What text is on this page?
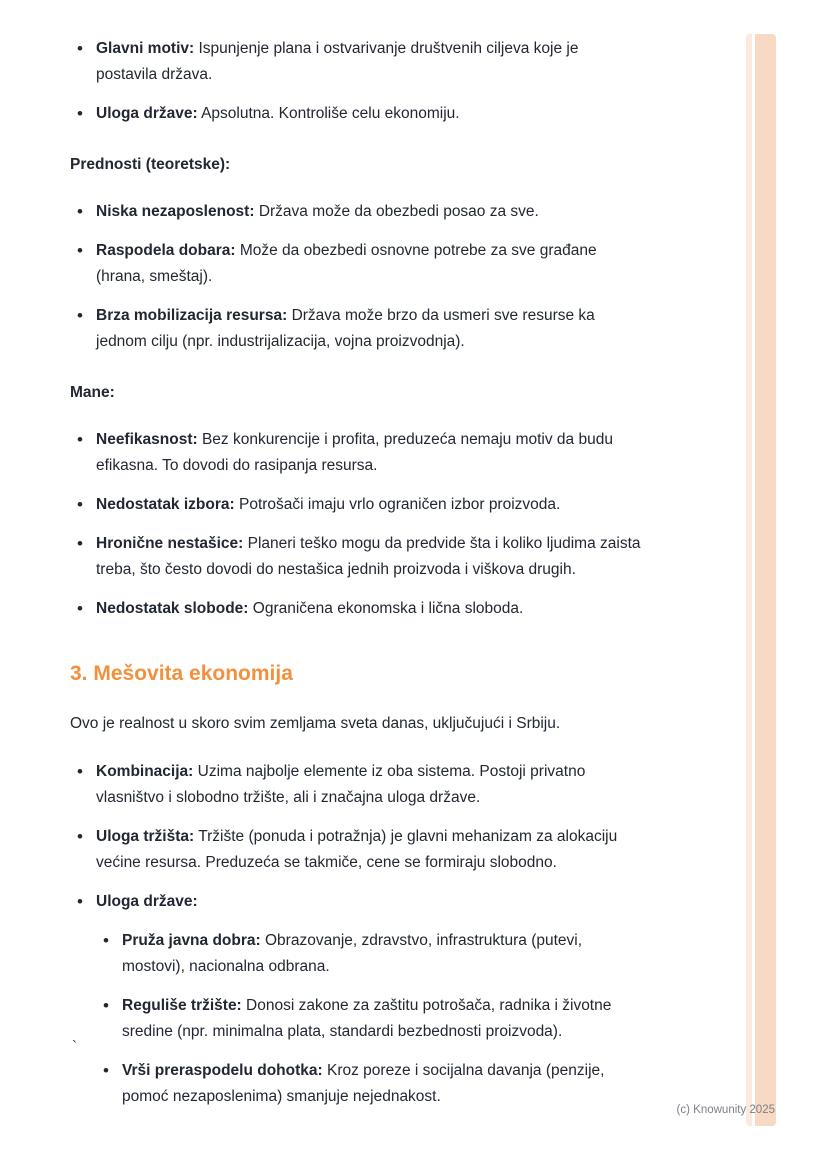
• Glavni motiv: Ispunjenje plana i ostvarivanje društvenih ciljeva koje je postavila država.
• Uloga države: Apsolutna. Kontroliše celu ekonomiju.
Prednosti (teoretske):
• Niska nezaposlenost: Država može da obezbedi posao za sve.
• Raspodela dobara: Može da obezbedi osnovne potrebe za sve građane (hrana, smeštaj).
• Brza mobilizacija resursa: Država može brzo da usmeri sve resurse ka jednom cilju (npr. industrijalizacija, vojna proizvodnja).
Mane:
• Neefikasnost: Bez konkurencije i profita, preduzeća nemaju motiv da budu efikasna. To dovodi do rasipanja resursa.
• Nedostatak izbora: Potrošači imaju vrlo ograničen izbor proizvoda.
• Hronične nestašice: Planeri teško mogu da predvide šta i koliko ljudima zaista treba, što često dovodi do nestašica jednih proizvoda i viškova drugih.
• Nedostatak slobode: Ograničena ekonomska i lična sloboda.
3. Mešovita ekonomija

Ovo je realnost u skoro svim zemljama sveta danas, uključujući i Srbiju.

• Kombinacija: Uzima najbolje elemente iz oba sistema. Postoji privatno vlasništvo i slobodno tržište, ali i značajna uloga države.
• Uloga tržišta: Tržište (ponuda i potražnja) je glavni mehanizam za alokaciju većine resursa. Preduzeća se takmiče, cene se formiraju slobodno.
• Uloga države:
• Pruža javna dobra: Obrazovanje, zdravstvo, infrastruktura (putevi, mostovi), nacionalna odbrana.
• Reguliše tržište: Donosi zakone za zaštitu potrošača, radnika i životne sredine (npr. minimalna plata, standardi bezbednosti proizvoda).
• Vrši preraspodelu dohotka: Kroz poreze i socijalna davanja (penzije, pomoć nezaposlenima) smanjuje nejednakost.
`
(c) Knowunity 2025
